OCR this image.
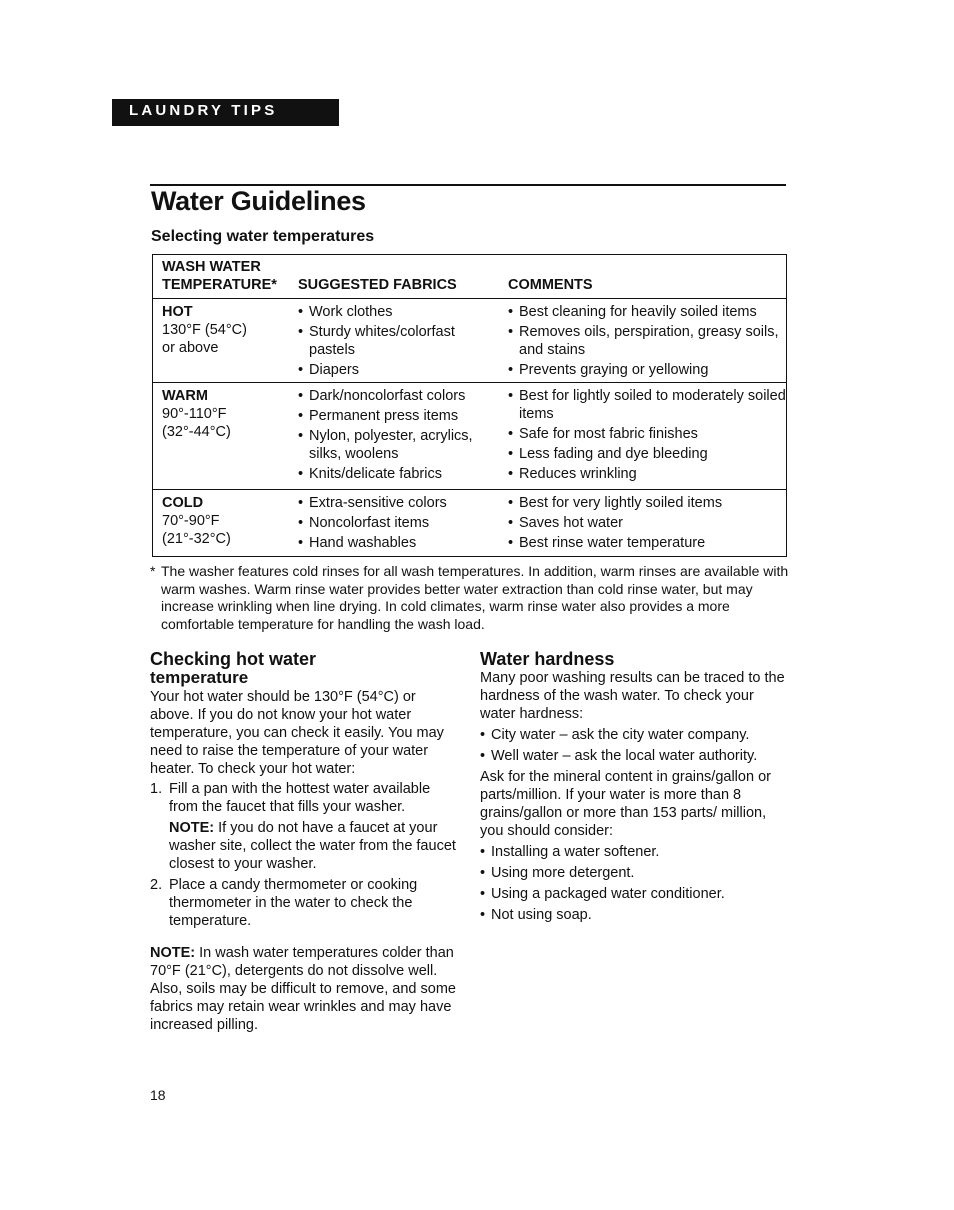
LAUNDRY TIPS
Water Guidelines
Selecting water temperatures
WASH WATER
TEMPERATURE*	SUGGESTED FABRICS	COMMENTS
HOT
130°F (54°C)
or above
• Work clothes
• Sturdy whites/colorfast pastels
• Diapers
• Best cleaning for heavily soiled items
• Removes oils, perspiration, greasy soils, and stains
• Prevents graying or yellowing
WARM
90°-110°F
(32°-44°C)
• Dark/noncolorfast colors
• Permanent press items
• Nylon, polyester, acrylics, silks, woolens
• Knits/delicate fabrics
• Best for lightly soiled to moderately soiled items
• Safe for most fabric finishes
• Less fading and dye bleeding
• Reduces wrinkling
COLD
70°-90°F
(21°-32°C)
• Extra-sensitive colors
• Noncolorfast items
• Hand washables
• Best for very lightly soiled items
• Saves hot water
• Best rinse water temperature
* The washer features cold rinses for all wash temperatures. In addition, warm rinses are available with warm washes. Warm rinse water provides better water extraction than cold rinse water, but may increase wrinkling when line drying. In cold climates, warm rinse water also provides a more comfortable temperature for handling the wash load.
Checking hot water
temperature

Your hot water should be 130°F (54°C) or above. If you do not know your hot water temperature, you can check it easily. You may need to raise the temperature of your water heater. To check your hot water:

1. Fill a pan with the hottest water available from the faucet that fills your washer.
NOTE: If you do not have a faucet at your washer site, collect the water from the faucet closest to your washer.
2. Place a candy thermometer or cooking thermometer in the water to check the temperature.

NOTE: In wash water temperatures colder than 70°F (21°C), detergents do not dissolve well. Also, soils may be difficult to remove, and some fabrics may retain wear wrinkles and may have increased pilling.

Water hardness

Many poor washing results can be traced to the hardness of the wash water. To check your water hardness:

• City water – ask the city water company.
• Well water – ask the local water authority.

Ask for the mineral content in grains/gallon or parts/million. If your water is more than 8 grains/gallon or more than 153 parts/ million, you should consider:

• Installing a water softener.
• Using more detergent.
• Using a packaged water conditioner.
• Not using soap.
18
